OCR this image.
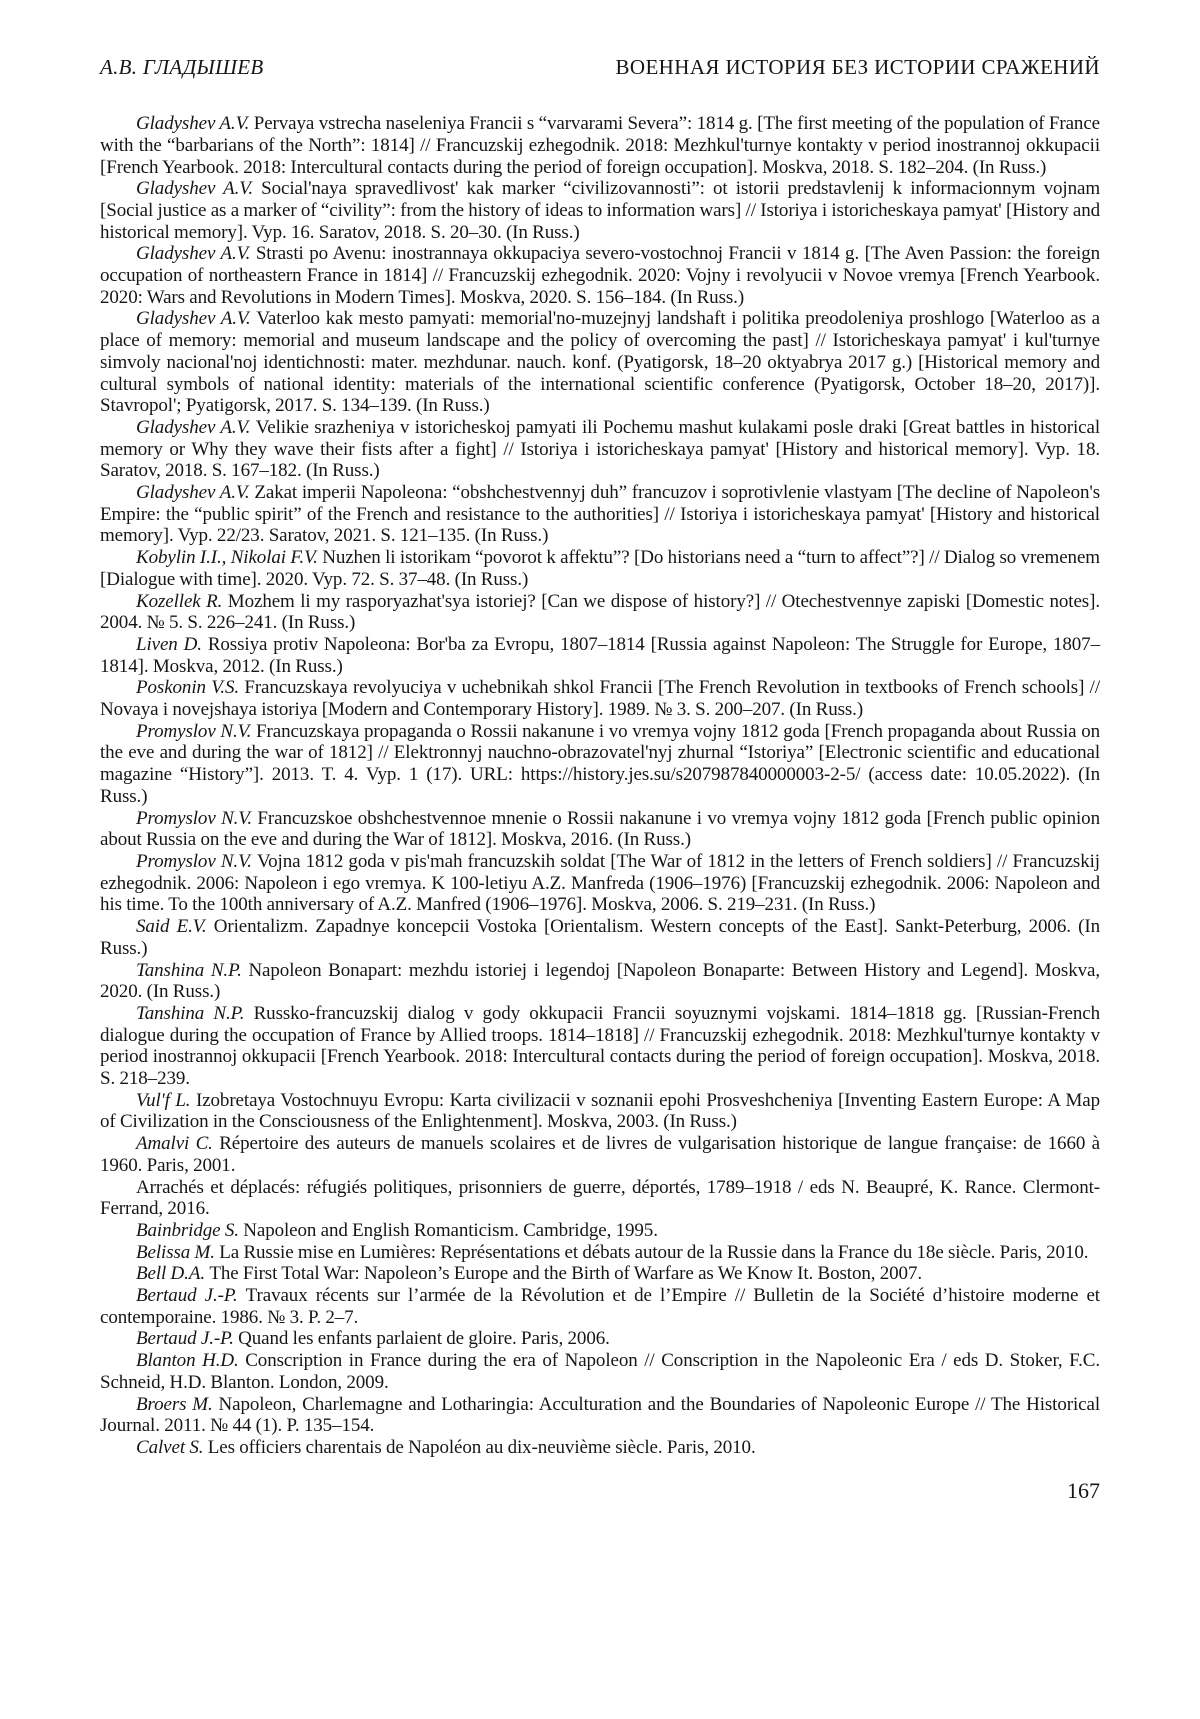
А.В. ГЛАДЫШЕВ	ВОЕННАЯ ИСТОРИЯ БЕЗ ИСТОРИИ СРАЖЕНИЙ

Gladyshev A.V. Pervaya vstrecha naseleniya Francii s “varvarami Severa”: 1814 g. [The first meeting of the population of France with the “barbarians of the North”: 1814] // Francuzskij ezhegodnik. 2018: Mezhkul'turnye kontakty v period inostrannoj okkupacii [French Yearbook. 2018: Intercultural contacts during the period of foreign occupation]. Moskva, 2018. S. 182–204. (In Russ.)

Gladyshev A.V. Social'naya spravedlivost' kak marker “civilizovannosti”: ot istorii predstavlenij k informacionnym vojnam [Social justice as a marker of “civility”: from the history of ideas to information wars] // Istoriya i istoricheskaya pamyat' [History and historical memory]. Vyp. 16. Saratov, 2018. S. 20–30. (In Russ.)

Gladyshev A.V. Strasti po Avenu: inostrannaya okkupaciya severo-vostochnoj Francii v 1814 g. [The Aven Passion: the foreign occupation of northeastern France in 1814] // Francuzskij ezhegodnik. 2020: Vojny i revolyucii v Novoe vremya [French Yearbook. 2020: Wars and Revolutions in Modern Times]. Moskva, 2020. S. 156–184. (In Russ.)

Gladyshev A.V. Vaterloo kak mesto pamyati: memorial'no-muzejnyj landshaft i politika preodoleniya proshlogo [Waterloo as a place of memory: memorial and museum landscape and the policy of overcoming the past] // Istoricheskaya pamyat' i kul'turnye simvoly nacional'noj identichnosti: mater. mezhdunar. nauch. konf. (Pyatigorsk, 18–20 oktyabrya 2017 g.) [Historical memory and cultural symbols of national identity: materials of the international scientific conference (Pyatigorsk, October 18–20, 2017)]. Stavropol'; Pyatigorsk, 2017. S. 134–139. (In Russ.)

Gladyshev A.V. Velikie srazheniya v istoricheskoj pamyati ili Pochemu mashut kulakami posle draki [Great battles in historical memory or Why they wave their fists after a fight] // Istoriya i istoricheskaya pamyat' [History and historical memory]. Vyp. 18. Saratov, 2018. S. 167–182. (In Russ.)

Gladyshev A.V. Zakat imperii Napoleona: “obshchestvennyj duh” francuzov i soprotivlenie vlastyam [The decline of Napoleon's Empire: the “public spirit” of the French and resistance to the authorities] // Istoriya i istoricheskaya pamyat' [History and historical memory]. Vyp. 22/23. Saratov, 2021. S. 121–135. (In Russ.)

Kobylin I.I., Nikolai F.V. Nuzhen li istorikam “povorot k affektu”? [Do historians need a “turn to affect”?] // Dialog so vremenem [Dialogue with time]. 2020. Vyp. 72. S. 37–48. (In Russ.)

Kozellek R. Mozhem li my rasporyazhat'sya istoriej? [Can we dispose of history?] // Otechestvennye zapiski [Domestic notes]. 2004. № 5. S. 226–241. (In Russ.)

Liven D. Rossiya protiv Napoleona: Bor'ba za Evropu, 1807–1814 [Russia against Napoleon: The Struggle for Europe, 1807–1814]. Moskva, 2012. (In Russ.)

Poskonin V.S. Francuzskaya revolyuciya v uchebnikah shkol Francii [The French Revolution in textbooks of French schools] // Novaya i novejshaya istoriya [Modern and Contemporary History]. 1989. № 3. S. 200–207. (In Russ.)

Promyslov N.V. Francuzskaya propaganda o Rossii nakanune i vo vremya vojny 1812 goda [French propaganda about Russia on the eve and during the war of 1812] // Elektronnyj nauchno-obrazovatel'nyj zhurnal “Istoriya” [Electronic scientific and educational magazine “History”]. 2013. T. 4. Vyp. 1 (17). URL: https://history.jes.su/s207987840000003-2-5/ (access date: 10.05.2022). (In Russ.)

Promyslov N.V. Francuzskoe obshchestvennoe mnenie o Rossii nakanune i vo vremya vojny 1812 goda [French public opinion about Russia on the eve and during the War of 1812]. Moskva, 2016. (In Russ.)

Promyslov N.V. Vojna 1812 goda v pis'mah francuzskih soldat [The War of 1812 in the letters of French soldiers] // Francuzskij ezhegodnik. 2006: Napoleon i ego vremya. K 100-letiyu A.Z. Manfreda (1906–1976) [Francuzskij ezhegodnik. 2006: Napoleon and his time. To the 100th anniversary of A.Z. Manfred (1906–1976]. Moskva, 2006. S. 219–231. (In Russ.)

Said E.V. Orientalizm. Zapadnye koncepcii Vostoka [Orientalism. Western concepts of the East]. Sankt-Peterburg, 2006. (In Russ.)

Tanshina N.P. Napoleon Bonapart: mezhdu istoriej i legendoj [Napoleon Bonaparte: Between History and Legend]. Moskva, 2020. (In Russ.)

Tanshina N.P. Russko-francuzskij dialog v gody okkupacii Francii soyuznymi vojskami. 1814–1818 gg. [Russian-French dialogue during the occupation of France by Allied troops. 1814–1818] // Francuzskij ezhegodnik. 2018: Mezhkul'turnye kontakty v period inostrannoj okkupacii [French Yearbook. 2018: Intercultural contacts during the period of foreign occupation]. Moskva, 2018. S. 218–239.

Vul'f L. Izobretaya Vostochnuyu Evropu: Karta civilizacii v soznanii epohi Prosveshcheniya [Inventing Eastern Europe: A Map of Civilization in the Consciousness of the Enlightenment]. Moskva, 2003. (In Russ.)

Amalvi C. Répertoire des auteurs de manuels scolaires et de livres de vulgarisation historique de langue française: de 1660 à 1960. Paris, 2001.

Arrachés et déplacés: réfugiés politiques, prisonniers de guerre, déportés, 1789–1918 / eds N. Beaupré, K. Rance. Clermont-Ferrand, 2016.

Bainbridge S. Napoleon and English Romanticism. Cambridge, 1995.

Belissa M. La Russie mise en Lumières: Représentations et débats autour de la Russie dans la France du 18e siècle. Paris, 2010.

Bell D.A. The First Total War: Napoleon’s Europe and the Birth of Warfare as We Know It. Boston, 2007.

Bertaud J.-P. Travaux récents sur l’armée de la Révolution et de l’Empire // Bulletin de la Société d’histoire moderne et contemporaine. 1986. № 3. P. 2–7.

Bertaud J.-P. Quand les enfants parlaient de gloire. Paris, 2006.

Blanton H.D. Conscription in France during the era of Napoleon // Conscription in the Napoleonic Era / eds D. Stoker, F.C. Schneid, H.D. Blanton. London, 2009.

Broers M. Napoleon, Charlemagne and Lotharingia: Acculturation and the Boundaries of Napoleonic Europe // The Historical Journal. 2011. № 44 (1). P. 135–154.

Calvet S. Les officiers charentais de Napoléon au dix-neuvième siècle. Paris, 2010.

167
